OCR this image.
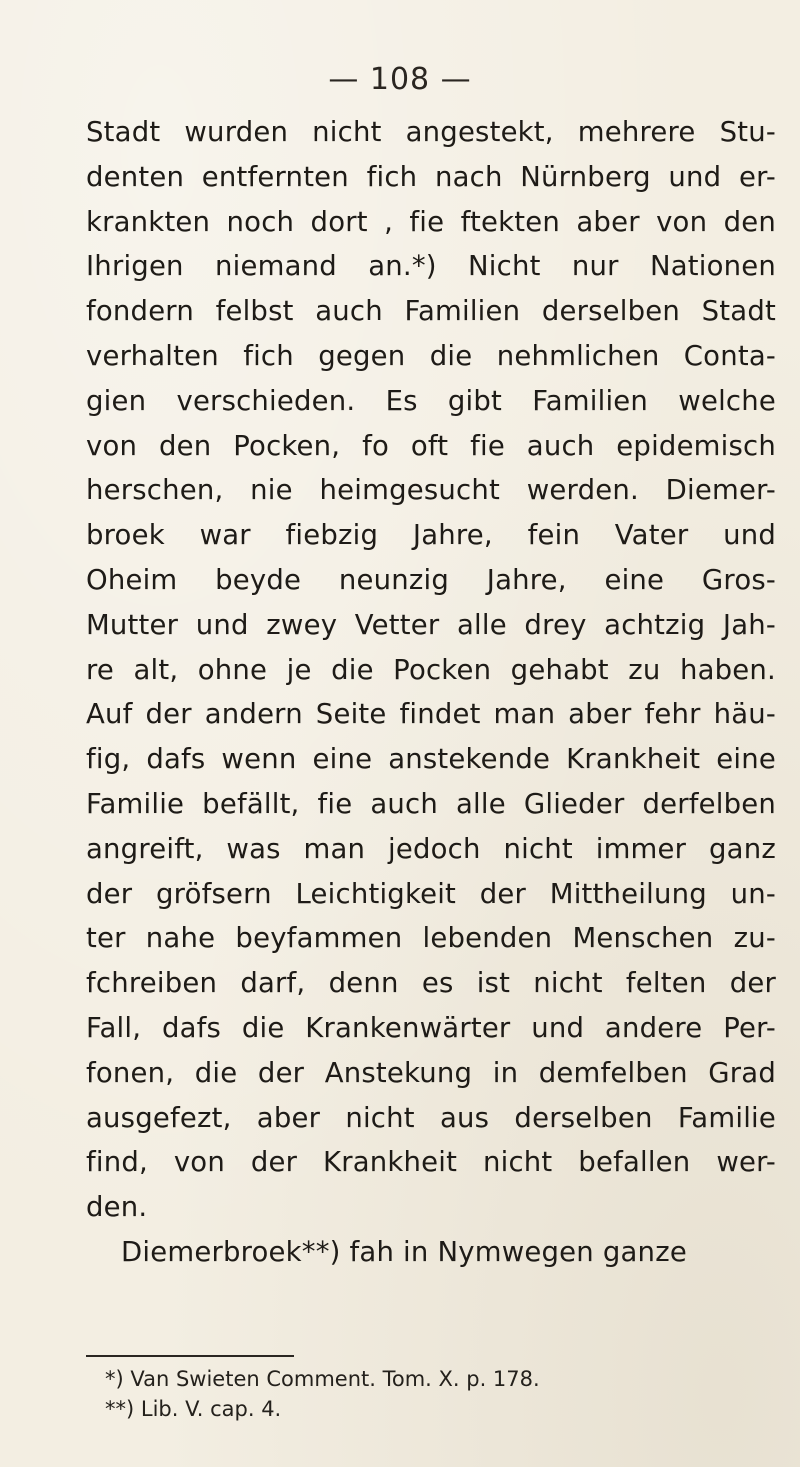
— 108 —
Stadt wurden nicht angestekt, mehrere Stu-
denten entfernten fich nach Nürnberg und er-
krankten noch dort , fie ftekten aber von den
Ihrigen niemand an.*) Nicht nur Nationen
fondern felbst auch Familien derselben Stadt
verhalten fich gegen die nehmlichen Conta-
gien verschieden. Es gibt Familien welche
von den Pocken, fo oft fie auch epidemisch
herschen, nie heimgesucht werden. Diemer-
broek war fiebzig Jahre, fein Vater und
Oheim beyde neunzig Jahre, eine Gros-
Mutter und zwey Vetter alle drey achtzig Jah-
re alt, ohne je die Pocken gehabt zu haben.
Auf der andern Seite findet man aber fehr häu-
fig, dafs wenn eine anstekende Krankheit eine
Familie befällt, fie auch alle Glieder derfelben
angreift, was man jedoch nicht immer ganz
der gröfsern Leichtigkeit der Mittheilung un-
ter nahe beyfammen lebenden Menschen zu-
fchreiben darf, denn es ist nicht felten der
Fall, dafs die Krankenwärter und andere Per-
fonen, die der Anstekung in demfelben Grad
ausgefezt, aber nicht aus derselben Familie
find, von der Krankheit nicht befallen wer-
den.
Diemerbroek**) fah in Nymwegen ganze
*) Van Swieten Comment. Tom. X. p. 178.
**) Lib. V. cap. 4.
